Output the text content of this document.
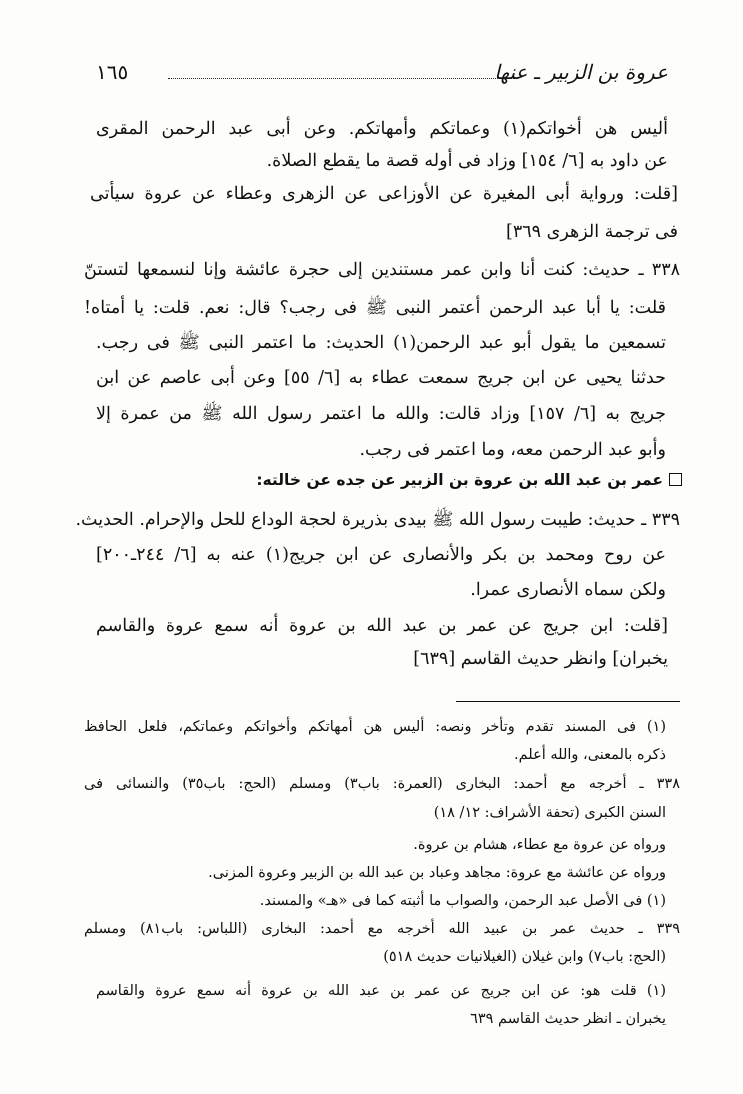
عروة بن الزبير ـ عنها
١٦٥
أليس هن أخواتكم(١) وعماتكم وأمهاتكم. وعن أبى عبد الرحمن المقرى
عن داود به [٦/ ١٥٤] وزاد فى أوله قصة ما يقطع الصلاة.
[قلت: ورواية أبى المغيرة عن الأوزاعى عن الزهرى وعطاء عن عروة سيأتى
فى ترجمة الزهرى ٣٦٩]
٣٣٨ ـ حديث: كنت أنا وابن عمر مستندين إلى حجرة عائشة وإنا لنسمعها لتستنّ
قلت: يا أبا عبد الرحمن أعتمر النبى ﷺ فى رجب؟ قال: نعم. قلت: يا أمتاه!
تسمعين ما يقول أبو عبد الرحمن(١) الحديث: ما اعتمر النبى ﷺ فى رجب.
حدثنا يحيى عن ابن جريج سمعت عطاء به [٦/ ٥٥] وعن أبى عاصم عن ابن
جريج به [٦/ ١٥٧] وزاد قالت: والله ما اعتمر رسول الله ﷺ من عمرة إلا
وأبو عبد الرحمن معه، وما اعتمر فى رجب.
عمر بن عبد الله بن عروة بن الزبير عن جده عن خالته:
٣٣٩ ـ حديث: طيبت رسول الله ﷺ بيدى بذريرة لحجة الوداع للحل والإحرام. الحديث.
عن روح ومحمد بن بكر والأنصارى عن ابن جريج(١) عنه به [٦/ ٢٤٤ـ٢٠٠]
ولكن سماه الأنصارى عمرا.
[قلت: ابن جريج عن عمر بن عبد الله بن عروة أنه سمع عروة والقاسم
يخبران] وانظر حديث القاسم [٦٣٩]
(١) فى المسند تقدم وتأخر ونصه: أليس هن أمهاتكم وأخواتكم وعماتكم، فلعل الحافظ
ذكره بالمعنى، والله أعلم.
٣٣٨ ـ أخرجه مع أحمد: البخارى (العمرة: باب٣) ومسلم (الحج: باب٣٥) والنسائى فى
السنن الكبرى (تحفة الأشراف: ١٢/ ١٨)
ورواه عن عروة مع عطاء، هشام بن عروة.
ورواه عن عائشة مع عروة: مجاهد وعباد بن عبد الله بن الزبير وعروة المزنى.
(١) فى الأصل عبد الرحمن، والصواب ما أثبته كما فى «هـ» والمسند.
٣٣٩ ـ حديث عمر بن عبيد الله أخرجه مع أحمد: البخارى (اللباس: باب٨١) ومسلم
(الحج: باب٧) وابن غيلان (الغيلانيات حديث ٥١٨)
(١) قلت هو: عن ابن جريج عن عمر بن عبد الله بن عروة أنه سمع عروة والقاسم
يخبران ـ انظر حديث القاسم ٦٣٩
